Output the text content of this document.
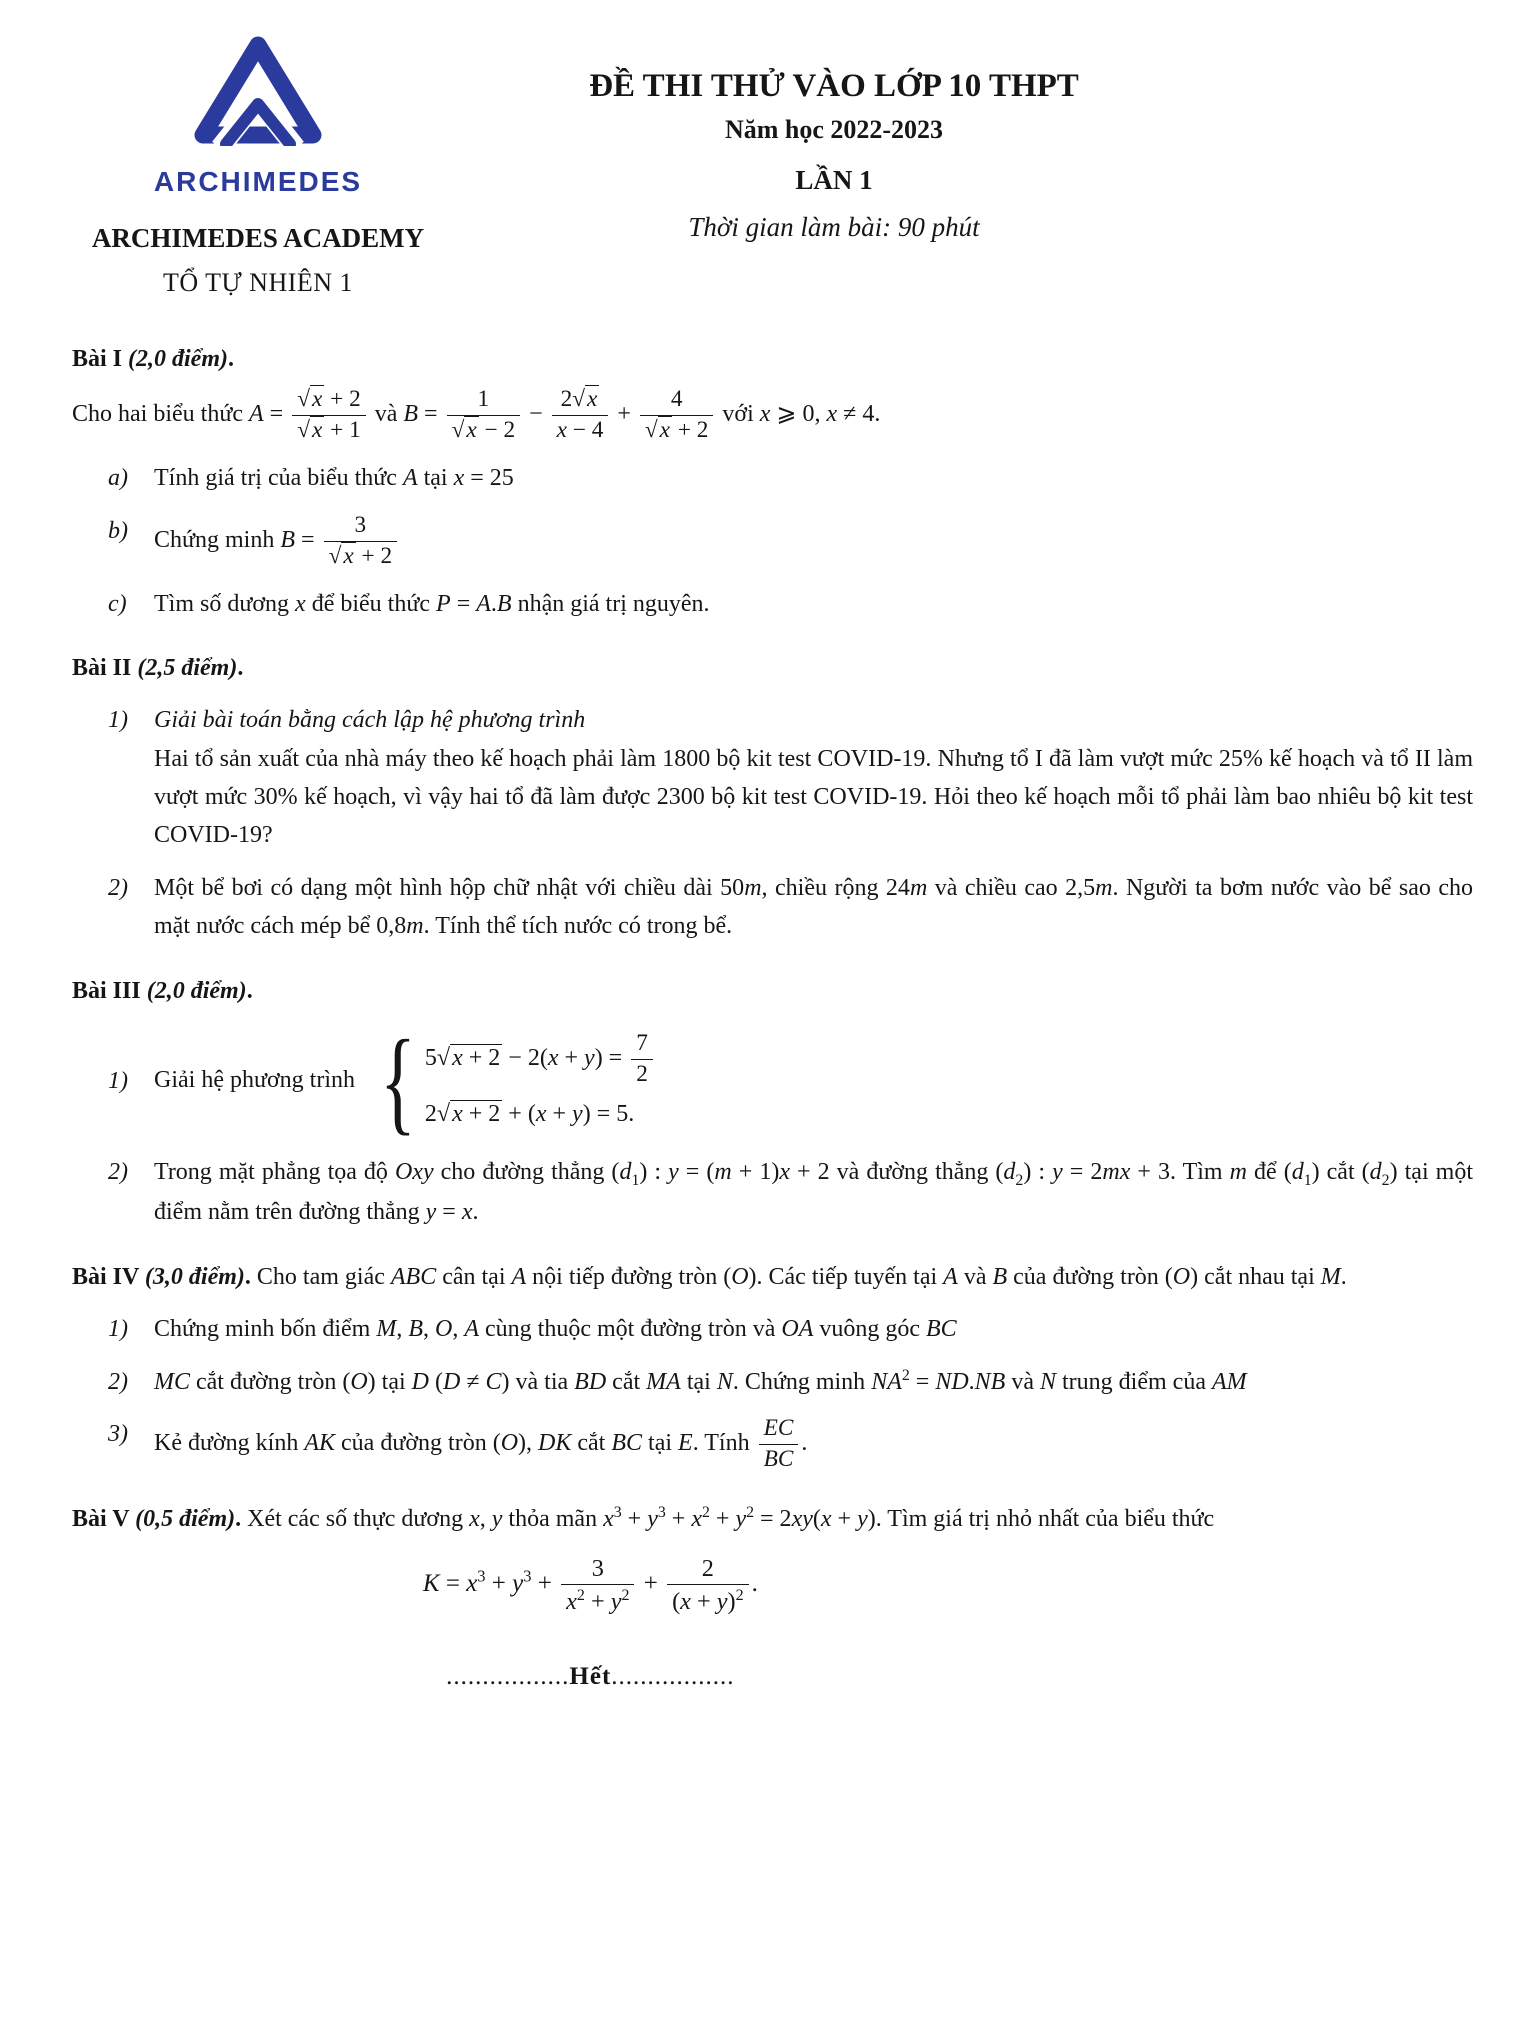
ARCHIMEDES
ARCHIMEDES ACADEMY
TỔ TỰ NHIÊN 1
ĐỀ THI THỬ VÀO LỚP 10 THPT
Năm học 2022-2023
LẦN 1
Thời gian làm bài: 90 phút
Bài I (2,0 điểm).
Cho hai biểu thức $A = \frac{√x + 2}{√x + 1}$ và $B = \frac{1}{√x - 2} - \frac{2√x}{x - 4} + \frac{4}{√x + 2}$ với x ⩾ 0, x ≠ 4.
a)	Tính giá trị của biểu thức A tại x = 25
b)	Chứng minh $B = \frac{3}{√x + 2}$
c)	Tìm số dương x để biểu thức P = A.B nhận giá trị nguyên.
Bài II (2,5 điểm).
1)	Giải bài toán bằng cách lập hệ phương trình
Hai tổ sản xuất của nhà máy theo kế hoạch phải làm 1800 bộ kit test COVID-19. Nhưng tổ I đã làm vượt mức 25% kế hoạch và tổ II làm vượt mức 30% kế hoạch, vì vậy hai tổ đã làm được 2300 bộ kit test COVID-19. Hỏi theo kế hoạch mỗi tổ phải làm bao nhiêu bộ kit test COVID-19?
2)	Một bể bơi có dạng một hình hộp chữ nhật với chiều dài 50m, chiều rộng 24m và chiều cao 2,5m. Người ta bơm nước vào bể sao cho mặt nước cách mép bể 0,8m. Tính thể tích nước có trong bể.
Bài III (2,0 điểm).
1)	Giải hệ phương trình
{
$5√x + 2 - 2(x + y) = \frac{7}{2}$
2√x + 2 + (x + y) = 5.
2)	Trong mặt phẳng tọa độ Oxy cho đường thẳng $(d_1)$ : y = (m + 1)x + 2 và đường thẳng $(d_2)$ : y = 2mx + 3. Tìm m để $(d_1)$ cắt $(d_2)$ tại một điểm nằm trên đường thẳng y = x.
Bài IV (3,0 điểm). Cho tam giác ABC cân tại A nội tiếp đường tròn (O). Các tiếp tuyến tại A và B của đường tròn (O) cắt nhau tại M.
1)	Chứng minh bốn điểm M, B, O, A cùng thuộc một đường tròn và OA vuông góc BC
2)	MC cắt đường tròn (O) tại D (D ≠ C) và tia BD cắt MA tại N. Chứng minh $NA^2 = ND.NB$ và N trung điểm của AM
3)	Kẻ đường kính AK của đường tròn (O), DK cắt BC tại E. Tính $\frac{EC}{BC}$ .
Bài V (0,5 điểm). Xét các số thực dương x, y thỏa mãn $x^3 + y^3 + x^2 + y^2 = 2xy(x + y)$. Tìm giá trị nhỏ nhất của biểu thức
$K = x^3 + y^3 + \frac{3}{x^2 + y^2} + \frac{2}{(x + y)^2}$ .
.................Hết.................
